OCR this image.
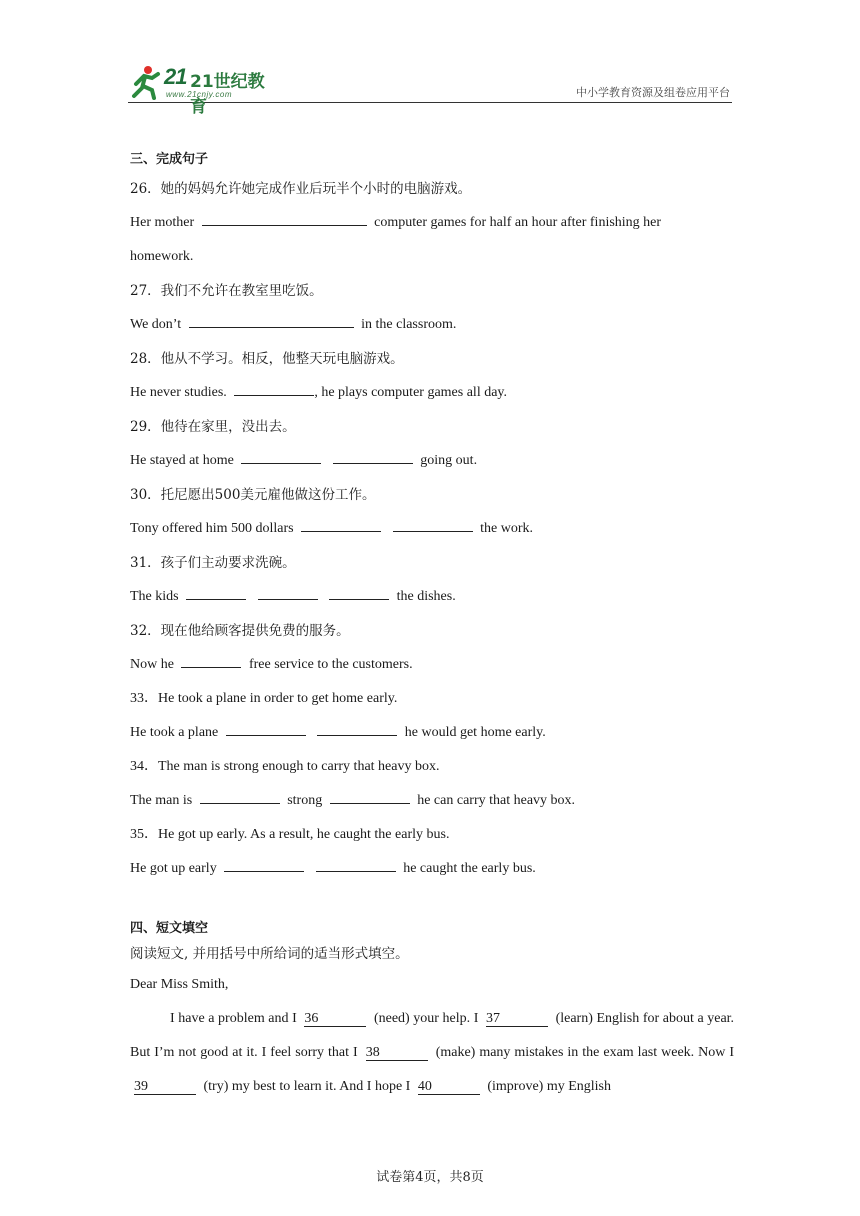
21 21世纪教育
www.21cnjy.com	中小学教育资源及组卷应用平台
三、完成句子
26．她的妈妈允许她完成作业后玩半个小时的电脑游戏。
Her mother	computer games for half an hour after finishing her
homework.
27．我们不允许在教室里吃饭。
We don’t	in the classroom.
28．他从不学习。相反，他整天玩电脑游戏。
He never studies.	, he plays computer games all day.
29．他待在家里，没出去。
He stayed at home	going out.
30．托尼愿出500美元雇他做这份工作。
Tony offered him 500 dollars	the work.
31．孩子们主动要求洗碗。
The kids	the dishes.
32．现在他给顾客提供免费的服务。
Now he	free service to the customers.
33．He took a plane in order to get home early.
He took a plane	he would get home early.
34．The man is strong enough to carry that heavy box.
The man is	strong	he can carry that heavy box.
35．He got up early. As a result, he caught the early bus.
He got up early	he caught the early bus.
四、短文填空
阅读短文, 并用括号中所给词的适当形式填空。
Dear Miss Smith,
I have a problem and I 36	(need) your help. I 37	(learn) English for about a year. But I’m not good at it. I feel sorry that I 38	(make) many mistakes in the exam last week. Now I 39	(try) my best to learn it. And I hope I 40	(improve) my English
试卷第4页，共8页
